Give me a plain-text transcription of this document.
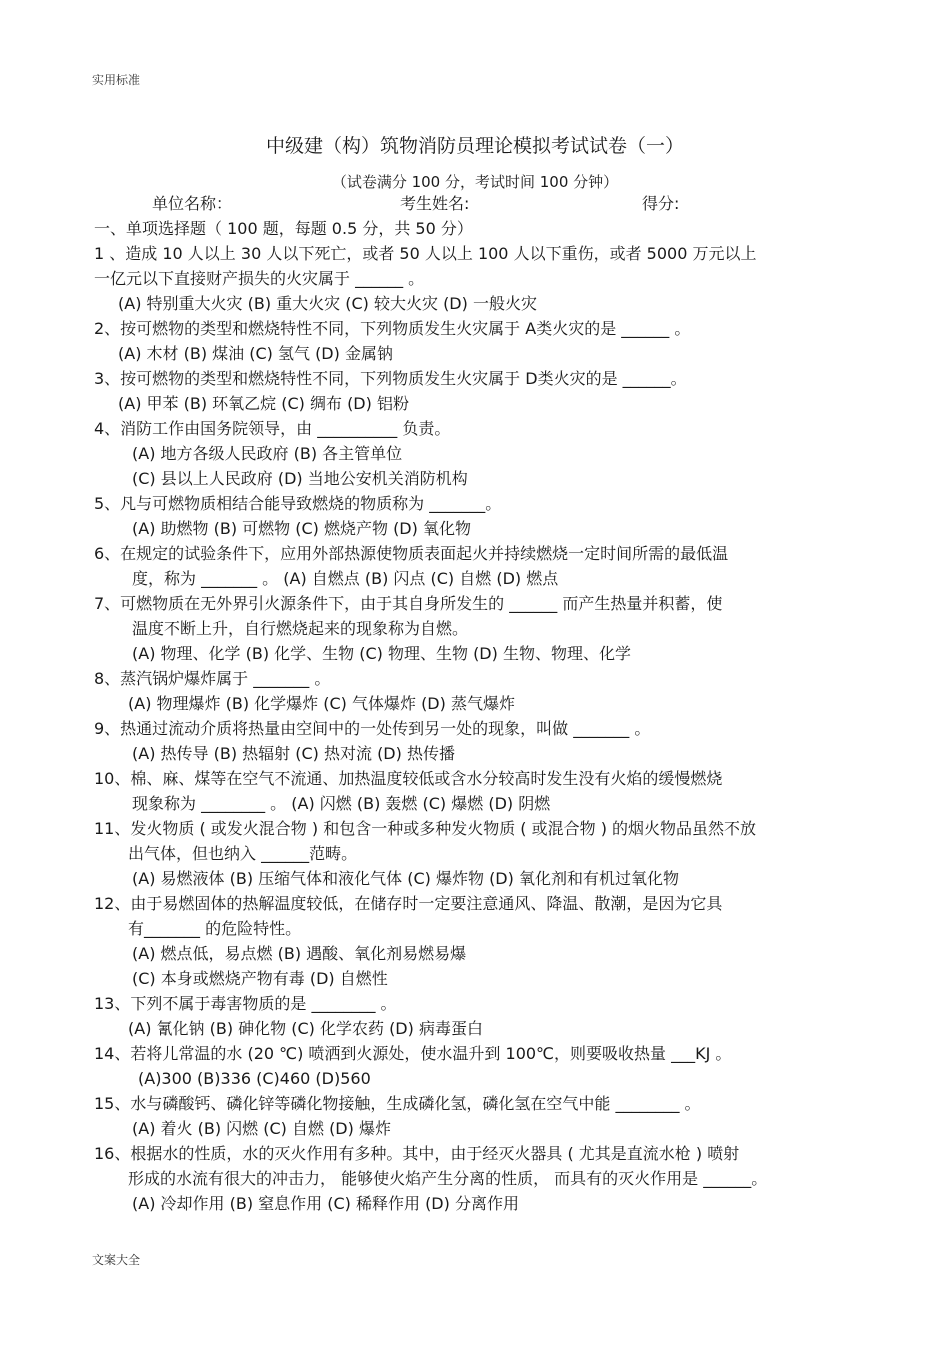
实用标准
中级建（构）筑物消防员理论模拟考试试卷（一）
（试卷满分 100 分，考试时间 100 分钟）
单位名称：	考生姓名:	得分:
一、单项选择题（ 100 题，每题 0.5 分，共 50 分）
1 、造成 10 人以上 30 人以下死亡，或者 50 人以上 100 人以下重伤，或者 5000 万元以上
一亿元以下直接财产损失的火灾属于 ______ 。
(A) 特别重大火灾 (B) 重大火灾 (C) 较大火灾 (D) 一般火灾
2、按可燃物的类型和燃烧特性不同，下列物质发生火灾属于 A类火灾的是 ______ 。
(A) 木材 (B) 煤油 (C) 氢气 (D) 金属钠
3、按可燃物的类型和燃烧特性不同，下列物质发生火灾属于 D类火灾的是 ______。
(A) 甲苯 (B) 环氧乙烷 (C) 绸布 (D) 铝粉
4、消防工作由国务院领导，由 __________ 负责。
(A) 地方各级人民政府 (B) 各主管单位
(C) 县以上人民政府 (D) 当地公安机关消防机构
5、凡与可燃物质相结合能导致燃烧的物质称为 _______。
(A) 助燃物 (B) 可燃物 (C) 燃烧产物 (D) 氧化物
6、在规定的试验条件下，应用外部热源使物质表面起火并持续燃烧一定时间所需的最低温
度，称为 _______ 。 (A) 自燃点 (B) 闪点 (C) 自燃 (D) 燃点
7、可燃物质在无外界引火源条件下，由于其自身所发生的 ______ 而产生热量并积蓄，使
温度不断上升，自行燃烧起来的现象称为自燃。
(A) 物理、化学 (B) 化学、生物 (C) 物理、生物 (D) 生物、物理、化学
8、蒸汽锅炉爆炸属于 _______ 。
(A) 物理爆炸 (B) 化学爆炸 (C) 气体爆炸 (D) 蒸气爆炸
9、热通过流动介质将热量由空间中的一处传到另一处的现象，叫做 _______ 。
(A) 热传导 (B) 热辐射 (C) 热对流 (D) 热传播
10、棉、麻、煤等在空气不流通、加热温度较低或含水分较高时发生没有火焰的缓慢燃烧
现象称为 ________ 。 (A) 闪燃 (B) 轰燃 (C) 爆燃 (D) 阴燃
11、发火物质 ( 或发火混合物 ) 和包含一种或多种发火物质 ( 或混合物 ) 的烟火物品虽然不放
出气体，但也纳入 ______范畴。
(A) 易燃液体 (B) 压缩气体和液化气体 (C) 爆炸物 (D) 氧化剂和有机过氧化物
12、由于易燃固体的热解温度较低，在储存时一定要注意通风、降温、散潮，是因为它具
有_______ 的危险特性。
(A) 燃点低，易点燃 (B) 遇酸、氧化剂易燃易爆
(C) 本身或燃烧产物有毒 (D) 自燃性
13、下列不属于毒害物质的是 ________ 。
(A) 氰化钠 (B) 砷化物 (C) 化学农药 (D) 病毒蛋白
14、若将儿常温的水 (20 ℃) 喷洒到火源处，使水温升到 100℃，则要吸收热量 ___KJ 。
(A)300 (B)336 (C)460 (D)560
15、水与磷酸钙、磷化锌等磷化物接触，生成磷化氢，磷化氢在空气中能 ________ 。
(A) 着火 (B) 闪燃 (C) 自燃 (D) 爆炸
16、根据水的性质，水的灭火作用有多种。其中，由于经灭火器具 ( 尤其是直流水枪 ) 喷射
形成的水流有很大的冲击力， 能够使火焰产生分离的性质， 而具有的灭火作用是 ______。
(A) 冷却作用 (B) 窒息作用 (C) 稀释作用 (D) 分离作用
文案大全
